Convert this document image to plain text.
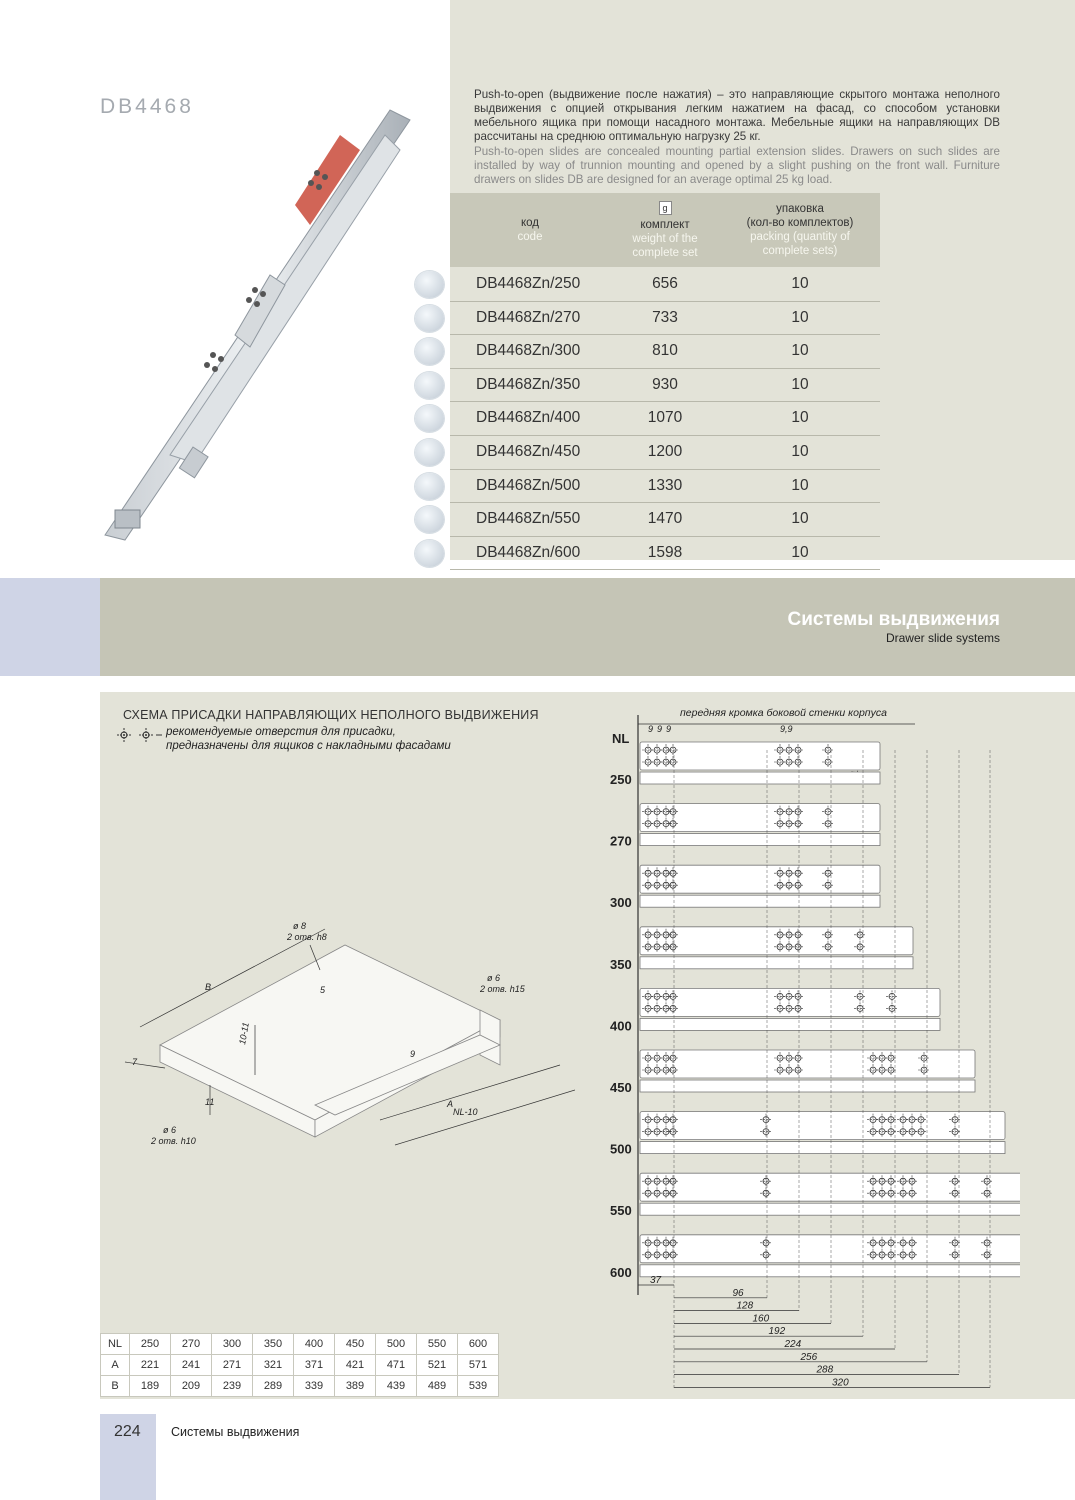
DB4468
Push-to-open (выдвижение после нажатия) – это направляющие скрытого монтажа неполного выдвижения с опцией открывания легким нажатием на фасад, со способом установки мебельного ящика при помощи насадного монтажа. Мебельные ящики на направляющих DB рассчитаны на среднюю оптимальную нагрузку 25 кг.
Push-to-open slides are concealed mounting partial extension slides. Drawers on such slides are installed by way of trunnion mounting and opened by a slight pushing on the front wall. Furniture drawers on slides DB are designed for an average optimal 25 kg load.
код
code
g
комплект
weight of the
complete set
упаковка
(кол-во комплектов)
packing (quantity of
complete sets)
DB4468Zn/250	656	10
DB4468Zn/270	733	10
DB4468Zn/300	810	10
DB4468Zn/350	930	10
DB4468Zn/400	1070	10
DB4468Zn/450	1200	10
DB4468Zn/500	1330	10
DB4468Zn/550	1470	10
DB4468Zn/600	1598	10
Системы выдвижения
Drawer slide systems
СХЕМА ПРИСАДКИ НАПРАВЛЯЮЩИХ НЕПОЛНОГО ВЫДВИЖЕНИЯ
рекомендуемые отверстия для присадки,
предназначены для ящиков с накладными фасадами
ø 8
2 отв. h8
ø 6
2 отв. h15
ø 6
2 отв. h10
B	5
10-11
7
11
9
A
NL-10
передняя кромка боковой стенки корпуса
NL
9 9 9	9,9
250
270
300
350
400
450
500
550
600
37
96
128
160
192
224
256
288
320
NL	250	270	300	350	400	450	500	550	600
A	221	241	271	321	371	421	471	521	571
B	189	209	239	289	339	389	439	489	539
224 Системы выдвижения
